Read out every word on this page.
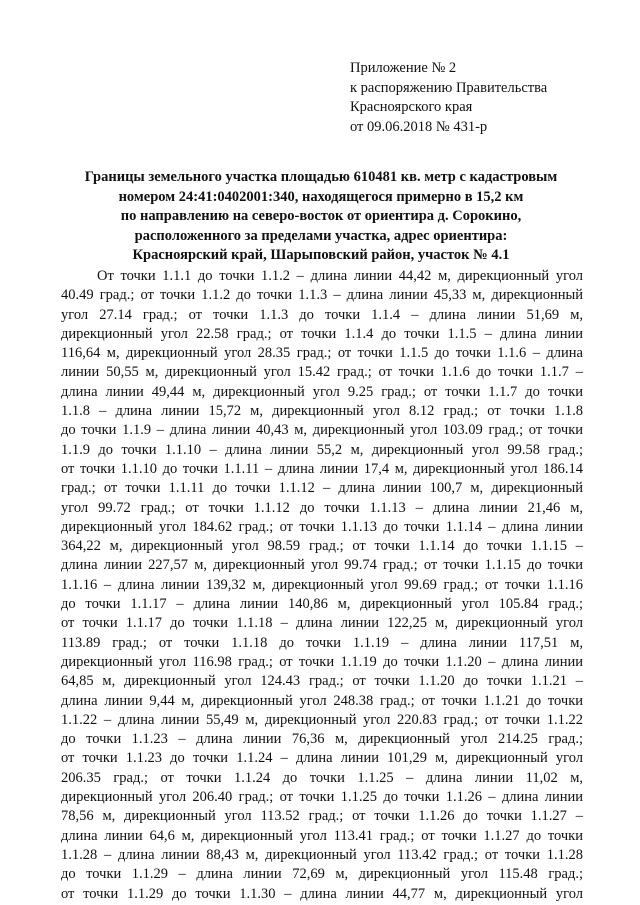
Приложение № 2
к распоряжению Правительства
Красноярского края
от 09.06.2018 № 431-р
Границы земельного участка площадью 610481 кв. метр с кадастровым
номером 24:41:0402001:340, находящегося примерно в 15,2 км
по направлению на северо-восток от ориентира д. Сорокино,
расположенного за пределами участка, адрес ориентира:
Красноярский край, Шарыповский район, участок № 4.1
От точки 1.1.1 до точки 1.1.2 – длина линии 44,42 м, дирекционный угол
40.49 град.; от точки 1.1.2 до точки 1.1.3 – длина линии 45,33 м, дирекционный
угол 27.14 град.; от точки 1.1.3 до точки 1.1.4 – длина линии 51,69 м,
дирекционный угол 22.58 град.; от точки 1.1.4 до точки 1.1.5 – длина линии
116,64 м, дирекционный угол 28.35 град.; от точки 1.1.5 до точки 1.1.6 – длина
линии 50,55 м, дирекционный угол 15.42 град.; от точки 1.1.6 до точки 1.1.7 –
длина линии 49,44 м, дирекционный угол 9.25 град.; от точки 1.1.7 до точки
1.1.8 – длина линии 15,72 м, дирекционный угол 8.12 град.; от точки 1.1.8
до точки 1.1.9 – длина линии 40,43 м, дирекционный угол 103.09 град.; от точки
1.1.9 до точки 1.1.10 – длина линии 55,2 м, дирекционный угол 99.58 град.;
от точки 1.1.10 до точки 1.1.11 – длина линии 17,4 м, дирекционный угол 186.14
град.; от точки 1.1.11 до точки 1.1.12 – длина линии 100,7 м, дирекционный
угол 99.72 град.; от точки 1.1.12 до точки 1.1.13 – длина линии 21,46 м,
дирекционный угол 184.62 град.; от точки 1.1.13 до точки 1.1.14 – длина линии
364,22 м, дирекционный угол 98.59 град.; от точки 1.1.14 до точки 1.1.15 –
длина линии 227,57 м, дирекционный угол 99.74 град.; от точки 1.1.15 до точки
1.1.16 – длина линии 139,32 м, дирекционный угол 99.69 град.; от точки 1.1.16
до точки 1.1.17 – длина линии 140,86 м, дирекционный угол 105.84 град.;
от точки 1.1.17 до точки 1.1.18 – длина линии 122,25 м, дирекционный угол
113.89 град.; от точки 1.1.18 до точки 1.1.19 – длина линии 117,51 м,
дирекционный угол 116.98 град.; от точки 1.1.19 до точки 1.1.20 – длина линии
64,85 м, дирекционный угол 124.43 град.; от точки 1.1.20 до точки 1.1.21 –
длина линии 9,44 м, дирекционный угол 248.38 град.; от точки 1.1.21 до точки
1.1.22 – длина линии 55,49 м, дирекционный угол 220.83 град.; от точки 1.1.22
до точки 1.1.23 – длина линии 76,36 м, дирекционный угол 214.25 град.;
от точки 1.1.23 до точки 1.1.24 – длина линии 101,29 м, дирекционный угол
206.35 град.; от точки 1.1.24 до точки 1.1.25 – длина линии 11,02 м,
дирекционный угол 206.40 град.; от точки 1.1.25 до точки 1.1.26 – длина линии
78,56 м, дирекционный угол 113.52 град.; от точки 1.1.26 до точки 1.1.27 –
длина линии 64,6 м, дирекционный угол 113.41 град.; от точки 1.1.27 до точки
1.1.28 – длина линии 88,43 м, дирекционный угол 113.42 град.; от точки 1.1.28
до точки 1.1.29 – длина линии 72,69 м, дирекционный угол 115.48 град.;
от точки 1.1.29 до точки 1.1.30 – длина линии 44,77 м, дирекционный угол
